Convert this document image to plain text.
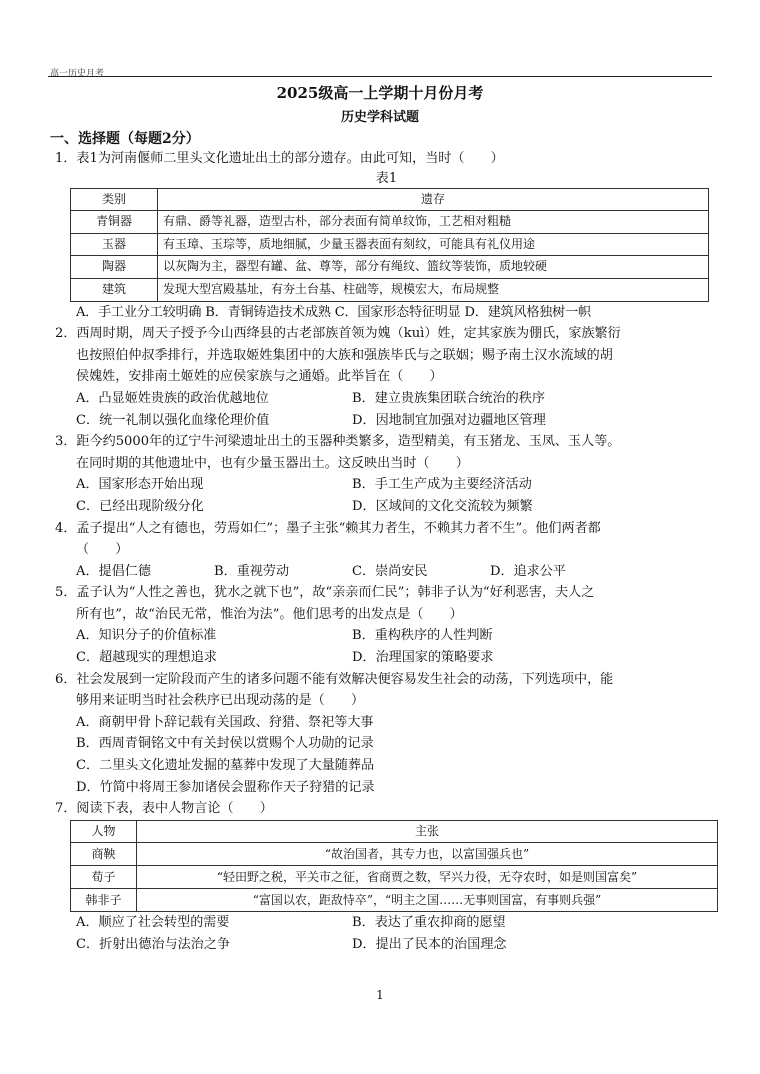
高一历史月考
2025级高一上学期十月份月考
历史学科试题
一、选择题（每题2分）

1．表1为河南偃师二里头文化遗址出土的部分遗存。由此可知，当时（　　）

表1

类别	遗存
青铜器	有鼎、爵等礼器，造型古朴，部分表面有简单纹饰，工艺相对粗糙
玉器	有玉璋、玉琮等，质地细腻，少量玉器表面有刻纹，可能具有礼仪用途
陶器	以灰陶为主，器型有罐、盆、尊等，部分有绳纹、篮纹等装饰，质地较硬
建筑	发现大型宫殿基址，有夯土台基、柱础等，规模宏大，布局规整
A．手工业分工较明确 B．青铜铸造技术成熟 C．国家形态特征明显 D．建筑风格独树一帜

2．西周时期，周天子授予今山西绛县的古老部族首领为媿（kuì）姓，定其家族为倗氏，家族繁衍

也按照伯仲叔季排行，并选取姬姓集团中的大族和强族毕氏与之联姻；赐予南土汉水流域的胡

侯媿姓，安排南土姬姓的应侯家族与之通婚。此举旨在（　　）

A．凸显姬姓贵族的政治优越地位	B．建立贵族集团联合统治的秩序
C．统一礼制以强化血缘伦理价值	D．因地制宜加强对边疆地区管理

3．距今约5000年的辽宁牛河梁遗址出土的玉器种类繁多，造型精美，有玉猪龙、玉凤、玉人等。

在同时期的其他遗址中，也有少量玉器出土。这反映出当时（　　）

A．国家形态开始出现	B．手工生产成为主要经济活动
C．已经出现阶级分化	D．区域间的文化交流较为频繁

4．孟子提出“人之有德也，劳焉如仁”；墨子主张“赖其力者生，不赖其力者不生”。他们两者都

（　　）

A．提倡仁德	B．重视劳动	C．崇尚安民	D．追求公平

5．孟子认为“人性之善也，犹水之就下也”，故“亲亲而仁民”；韩非子认为“好利恶害，夫人之

所有也”，故“治民无常，惟治为法”。他们思考的出发点是（　　）

A．知识分子的价值标准	B．重构秩序的人性判断
C．超越现实的理想追求	D．治理国家的策略要求

6．社会发展到一定阶段而产生的诸多问题不能有效解决便容易发生社会的动荡，下列选项中，能

够用来证明当时社会秩序已出现动荡的是（　　）

A．商朝甲骨卜辞记载有关国政、狩猎、祭祀等大事
B．西周青铜铭文中有关封侯以赏赐个人功勋的记录
C．二里头文化遗址发掘的墓葬中发现了大量随葬品
D．竹简中将周王参加诸侯会盟称作天子狩猎的记录

7．阅读下表，表中人物言论（　　）

人物	主张
商鞅	“故治国者，其专力也，以富国强兵也”
荀子	“轻田野之税，平关市之征，省商贾之数，罕兴力役，无夺农时，如是则国富矣”
韩非子	“富国以农，距敌恃卒”，“明主之国……无事则国富，有事则兵强”
A．顺应了社会转型的需要	B．表达了重农抑商的愿望
C．折射出德治与法治之争	D．提出了民本的治国理念
1
